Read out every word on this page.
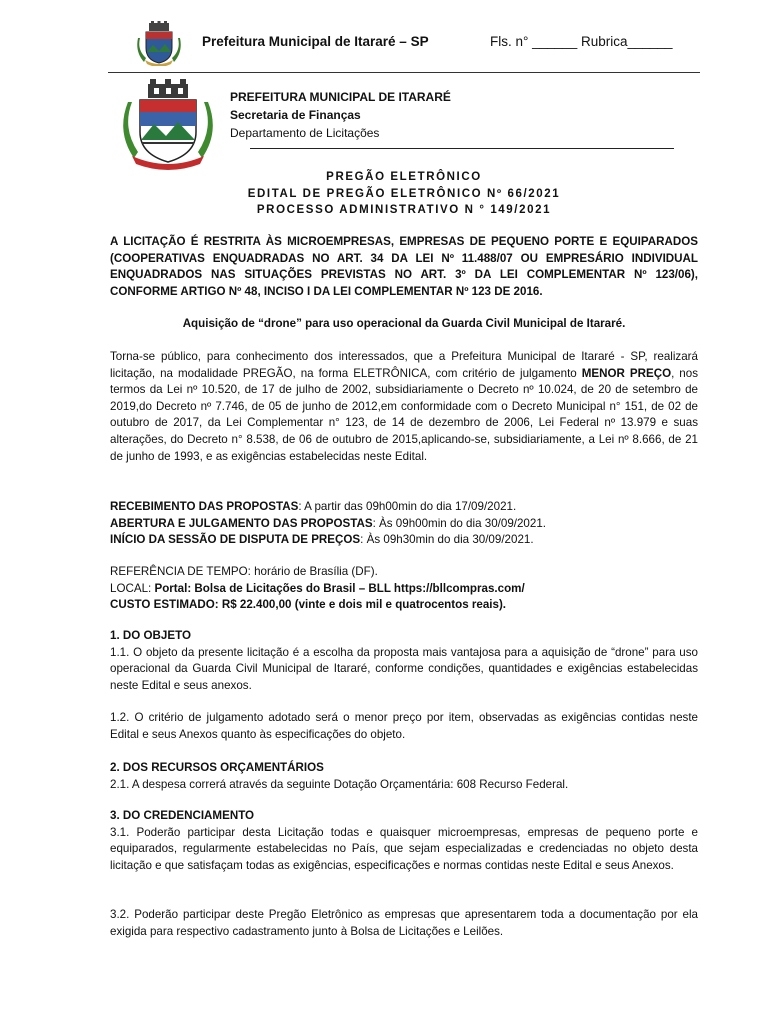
Prefeitura Municipal de Itararé – SP	Fls. n° ______ Rubrica______
PREFEITURA MUNICIPAL DE ITARARÉ
Secretaria de Finanças
Departamento de Licitações
PREGÃO ELETRÔNICO
EDITAL DE PREGÃO ELETRÔNICO Nº 66/2021
PROCESSO ADMINISTRATIVO N ° 149/2021

A LICITAÇÃO É RESTRITA ÀS MICROEMPRESAS, EMPRESAS DE PEQUENO PORTE E EQUIPARADOS (COOPERATIVAS ENQUADRADAS NO ART. 34 DA LEI Nº 11.488/07 OU EMPRESÁRIO INDIVIDUAL ENQUADRADOS NAS SITUAÇÕES PREVISTAS NO ART. 3º DA LEI COMPLEMENTAR Nº 123/06), CONFORME ARTIGO Nº 48, INCISO I DA LEI COMPLEMENTAR Nº 123 DE 2016.

Aquisição de “drone” para uso operacional da Guarda Civil Municipal de Itararé.

Torna-se público, para conhecimento dos interessados, que a Prefeitura Municipal de Itararé - SP, realizará licitação, na modalidade PREGÃO, na forma ELETRÔNICA, com critério de julgamento MENOR PREÇO, nos termos da Lei nº 10.520, de 17 de julho de 2002, subsidiariamente o Decreto nº 10.024, de 20 de setembro de 2019,do Decreto nº 7.746, de 05 de junho de 2012,em conformidade com o Decreto Municipal n° 151, de 02 de outubro de 2017, da Lei Complementar n° 123, de 14 de dezembro de 2006, Lei Federal nº 13.979 e suas alterações, do Decreto n° 8.538, de 06 de outubro de 2015,aplicando-se, subsidiariamente, a Lei nº 8.666, de 21 de junho de 1993, e as exigências estabelecidas neste Edital.

RECEBIMENTO DAS PROPOSTAS: A partir das 09h00min do dia 17/09/2021.
ABERTURA E JULGAMENTO DAS PROPOSTAS: Às 09h00min do dia 30/09/2021.
INÍCIO DA SESSÃO DE DISPUTA DE PREÇOS: Às 09h30min do dia 30/09/2021.
REFERÊNCIA DE TEMPO: horário de Brasília (DF).
LOCAL: Portal: Bolsa de Licitações do Brasil – BLL https://bllcompras.com/
CUSTO ESTIMADO: R$ 22.400,00 (vinte e dois mil e quatrocentos reais).
1. DO OBJETO

1.1. O objeto da presente licitação é a escolha da proposta mais vantajosa para a aquisição de “drone” para uso operacional da Guarda Civil Municipal de Itararé, conforme condições, quantidades e exigências estabelecidas neste Edital e seus anexos.

1.2. O critério de julgamento adotado será o menor preço por item, observadas as exigências contidas neste Edital e seus Anexos quanto às especificações do objeto.

2. DOS RECURSOS ORÇAMENTÁRIOS

2.1. A despesa correrá através da seguinte Dotação Orçamentária: 608 Recurso Federal.

3. DO CREDENCIAMENTO

3.1. Poderão participar desta Licitação todas e quaisquer microempresas, empresas de pequeno porte e equiparados, regularmente estabelecidas no País, que sejam especializadas e credenciadas no objeto desta licitação e que satisfaçam todas as exigências, especificações e normas contidas neste Edital e seus Anexos.

3.2. Poderão participar deste Pregão Eletrônico as empresas que apresentarem toda a documentação por ela exigida para respectivo cadastramento junto à Bolsa de Licitações e Leilões.
